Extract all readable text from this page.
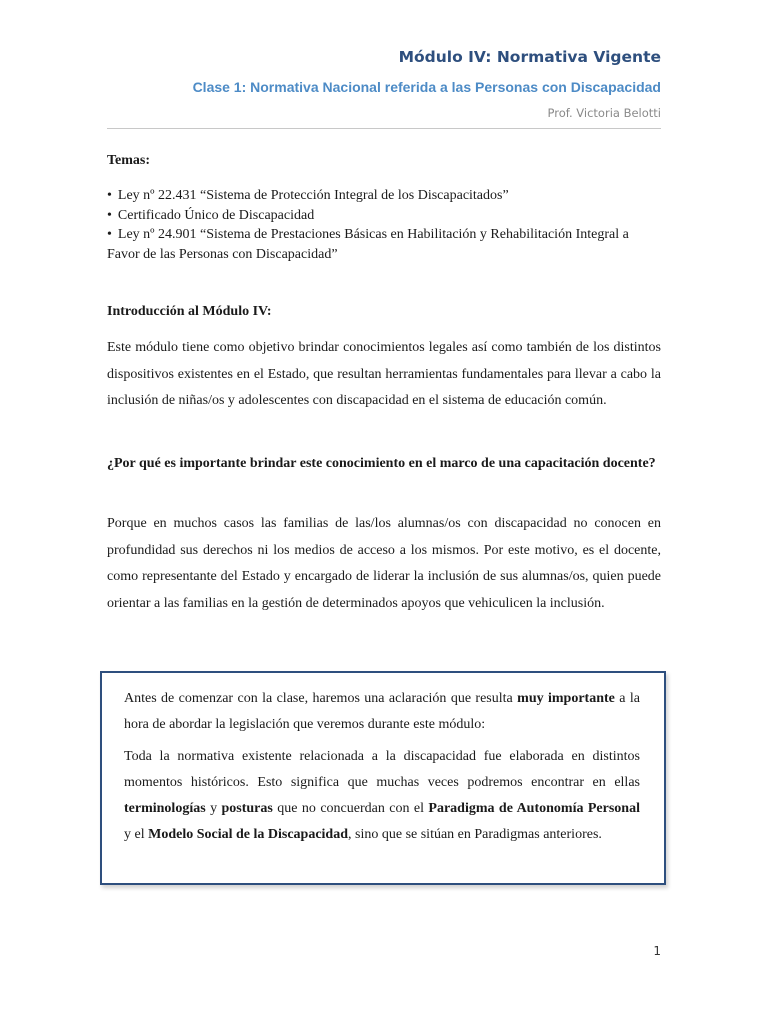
Módulo IV: Normativa Vigente
Clase 1: Normativa Nacional referida a las Personas con Discapacidad
Prof. Victoria Belotti
Temas:
• Ley nº 22.431 “Sistema de Protección Integral de los Discapacitados”
• Certificado Único de Discapacidad
• Ley nº 24.901 “Sistema de Prestaciones Básicas en Habilitación y Rehabilitación Integral a Favor de las Personas con Discapacidad”
Introducción al Módulo IV:
Este módulo tiene como objetivo brindar conocimientos legales así como también de los distintos dispositivos existentes en el Estado, que resultan herramientas fundamentales para llevar a cabo la inclusión de niñas/os y adolescentes con discapacidad en el sistema de educación común.
¿Por qué es importante brindar este conocimiento en el marco de una capacitación docente?
Porque en muchos casos las familias de las/los alumnas/os con discapacidad no conocen en profundidad sus derechos ni los medios de acceso a los mismos. Por este motivo, es el docente, como representante del Estado y encargado de liderar la inclusión de sus alumnas/os, quien puede orientar a las familias en la gestión de determinados apoyos que vehiculicen la inclusión.

Antes de comenzar con la clase, haremos una aclaración que resulta muy importante a la hora de abordar la legislación que veremos durante este módulo:

Toda la normativa existente relacionada a la discapacidad fue elaborada en distintos momentos históricos. Esto significa que muchas veces podremos encontrar en ellas terminologías y posturas que no concuerdan con el Paradigma de Autonomía Personal y el Modelo Social de la Discapacidad, sino que se sitúan en Paradigmas anteriores.

1
